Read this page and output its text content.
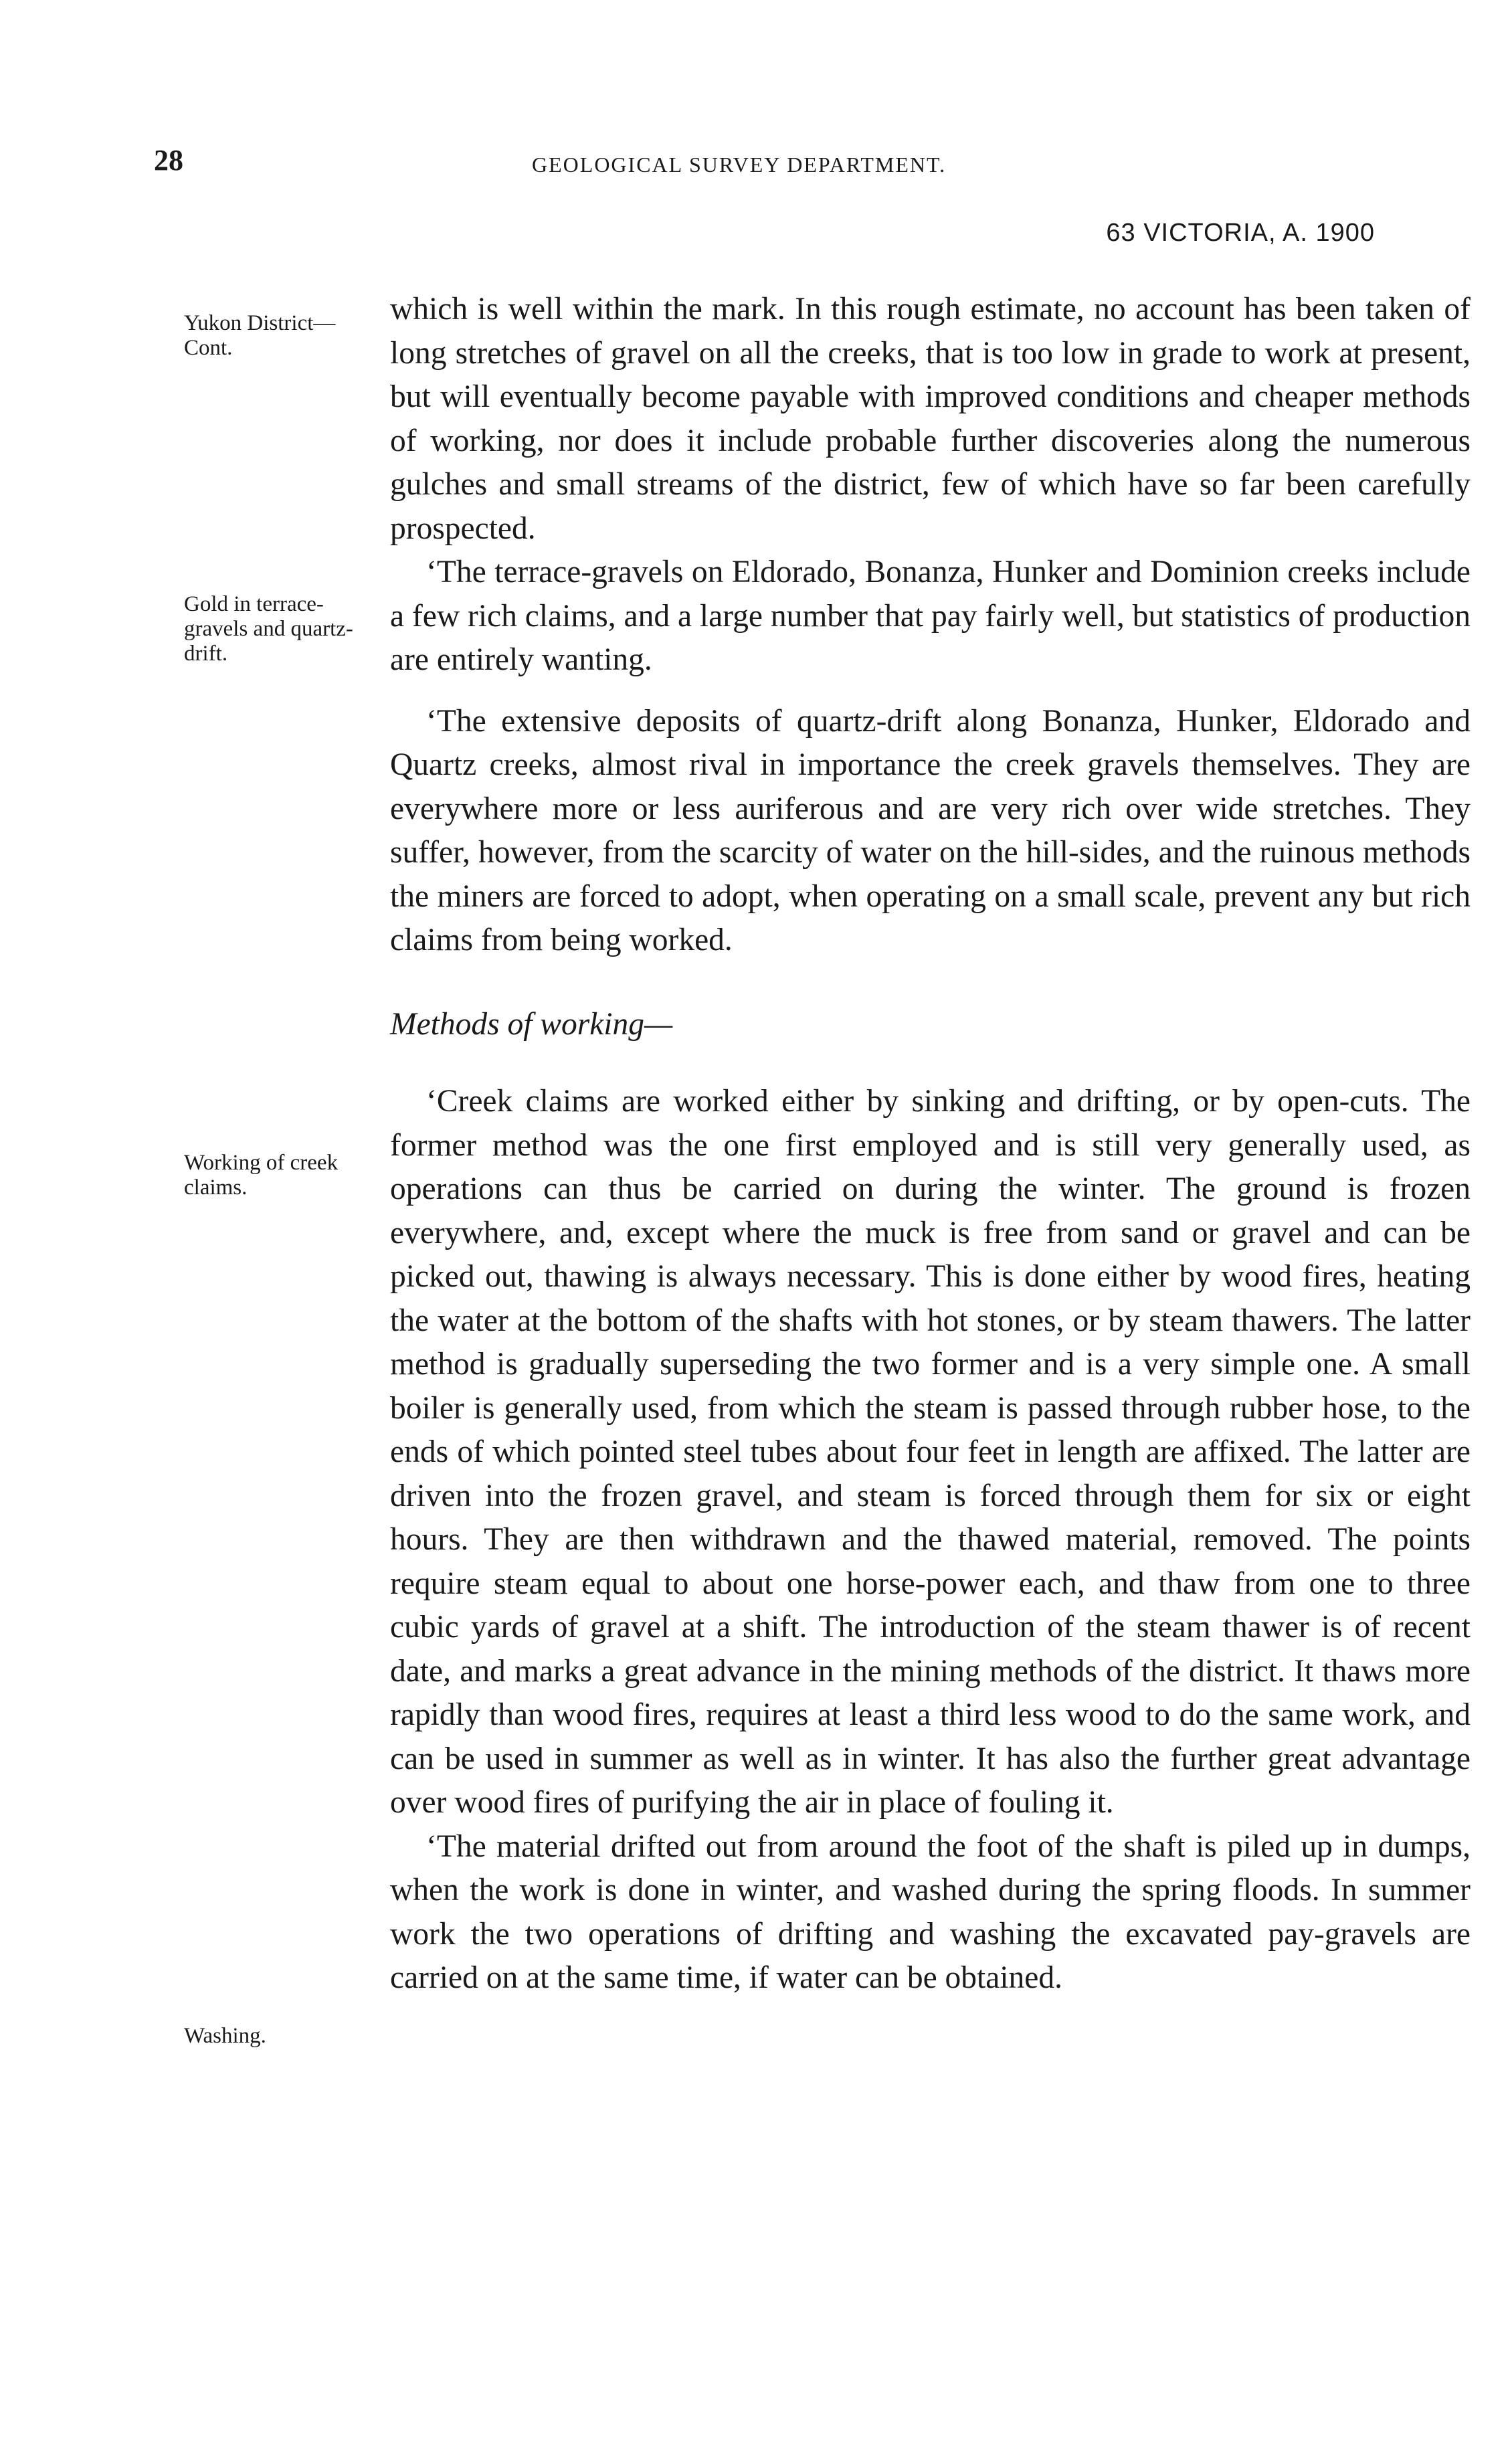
28	GEOLOGICAL SURVEY DEPARTMENT.
63 VICTORIA, A. 1900

Yukon District—Cont.

Gold in terrace-gravels and quartz-drift.

Working of creek claims.

Washing.

which is well within the mark. In this rough estimate, no account has been taken of long stretches of gravel on all the creeks, that is too low in grade to work at present, but will eventually become payable with improved conditions and cheaper methods of working, nor does it include probable further discoveries along the numerous gulches and small streams of the district, few of which have so far been carefully prospected.

‘The terrace-gravels on Eldorado, Bonanza, Hunker and Dominion creeks include a few rich claims, and a large number that pay fairly well, but statistics of production are entirely wanting.

‘The extensive deposits of quartz-drift along Bonanza, Hunker, Eldorado and Quartz creeks, almost rival in importance the creek gravels themselves. They are everywhere more or less auriferous and are very rich over wide stretches. They suffer, however, from the scarcity of water on the hill-sides, and the ruinous methods the miners are forced to adopt, when operating on a small scale, prevent any but rich claims from being worked.

Methods of working—

‘Creek claims are worked either by sinking and drifting, or by open-cuts. The former method was the one first employed and is still very generally used, as operations can thus be carried on during the winter. The ground is frozen everywhere, and, except where the muck is free from sand or gravel and can be picked out, thawing is always necessary. This is done either by wood fires, heating the water at the bottom of the shafts with hot stones, or by steam thawers. The latter method is gradually superseding the two former and is a very simple one. A small boiler is generally used, from which the steam is passed through rubber hose, to the ends of which pointed steel tubes about four feet in length are affixed. The latter are driven into the frozen gravel, and steam is forced through them for six or eight hours. They are then withdrawn and the thawed material, removed. The points require steam equal to about one horse-power each, and thaw from one to three cubic yards of gravel at a shift. The introduction of the steam thawer is of recent date, and marks a great advance in the mining methods of the district. It thaws more rapidly than wood fires, requires at least a third less wood to do the same work, and can be used in summer as well as in winter. It has also the further great advantage over wood fires of purifying the air in place of fouling it.

‘The material drifted out from around the foot of the shaft is piled up in dumps, when the work is done in winter, and washed during the spring floods. In summer work the two operations of drifting and washing the excavated pay-gravels are carried on at the same time, if water can be obtained.
